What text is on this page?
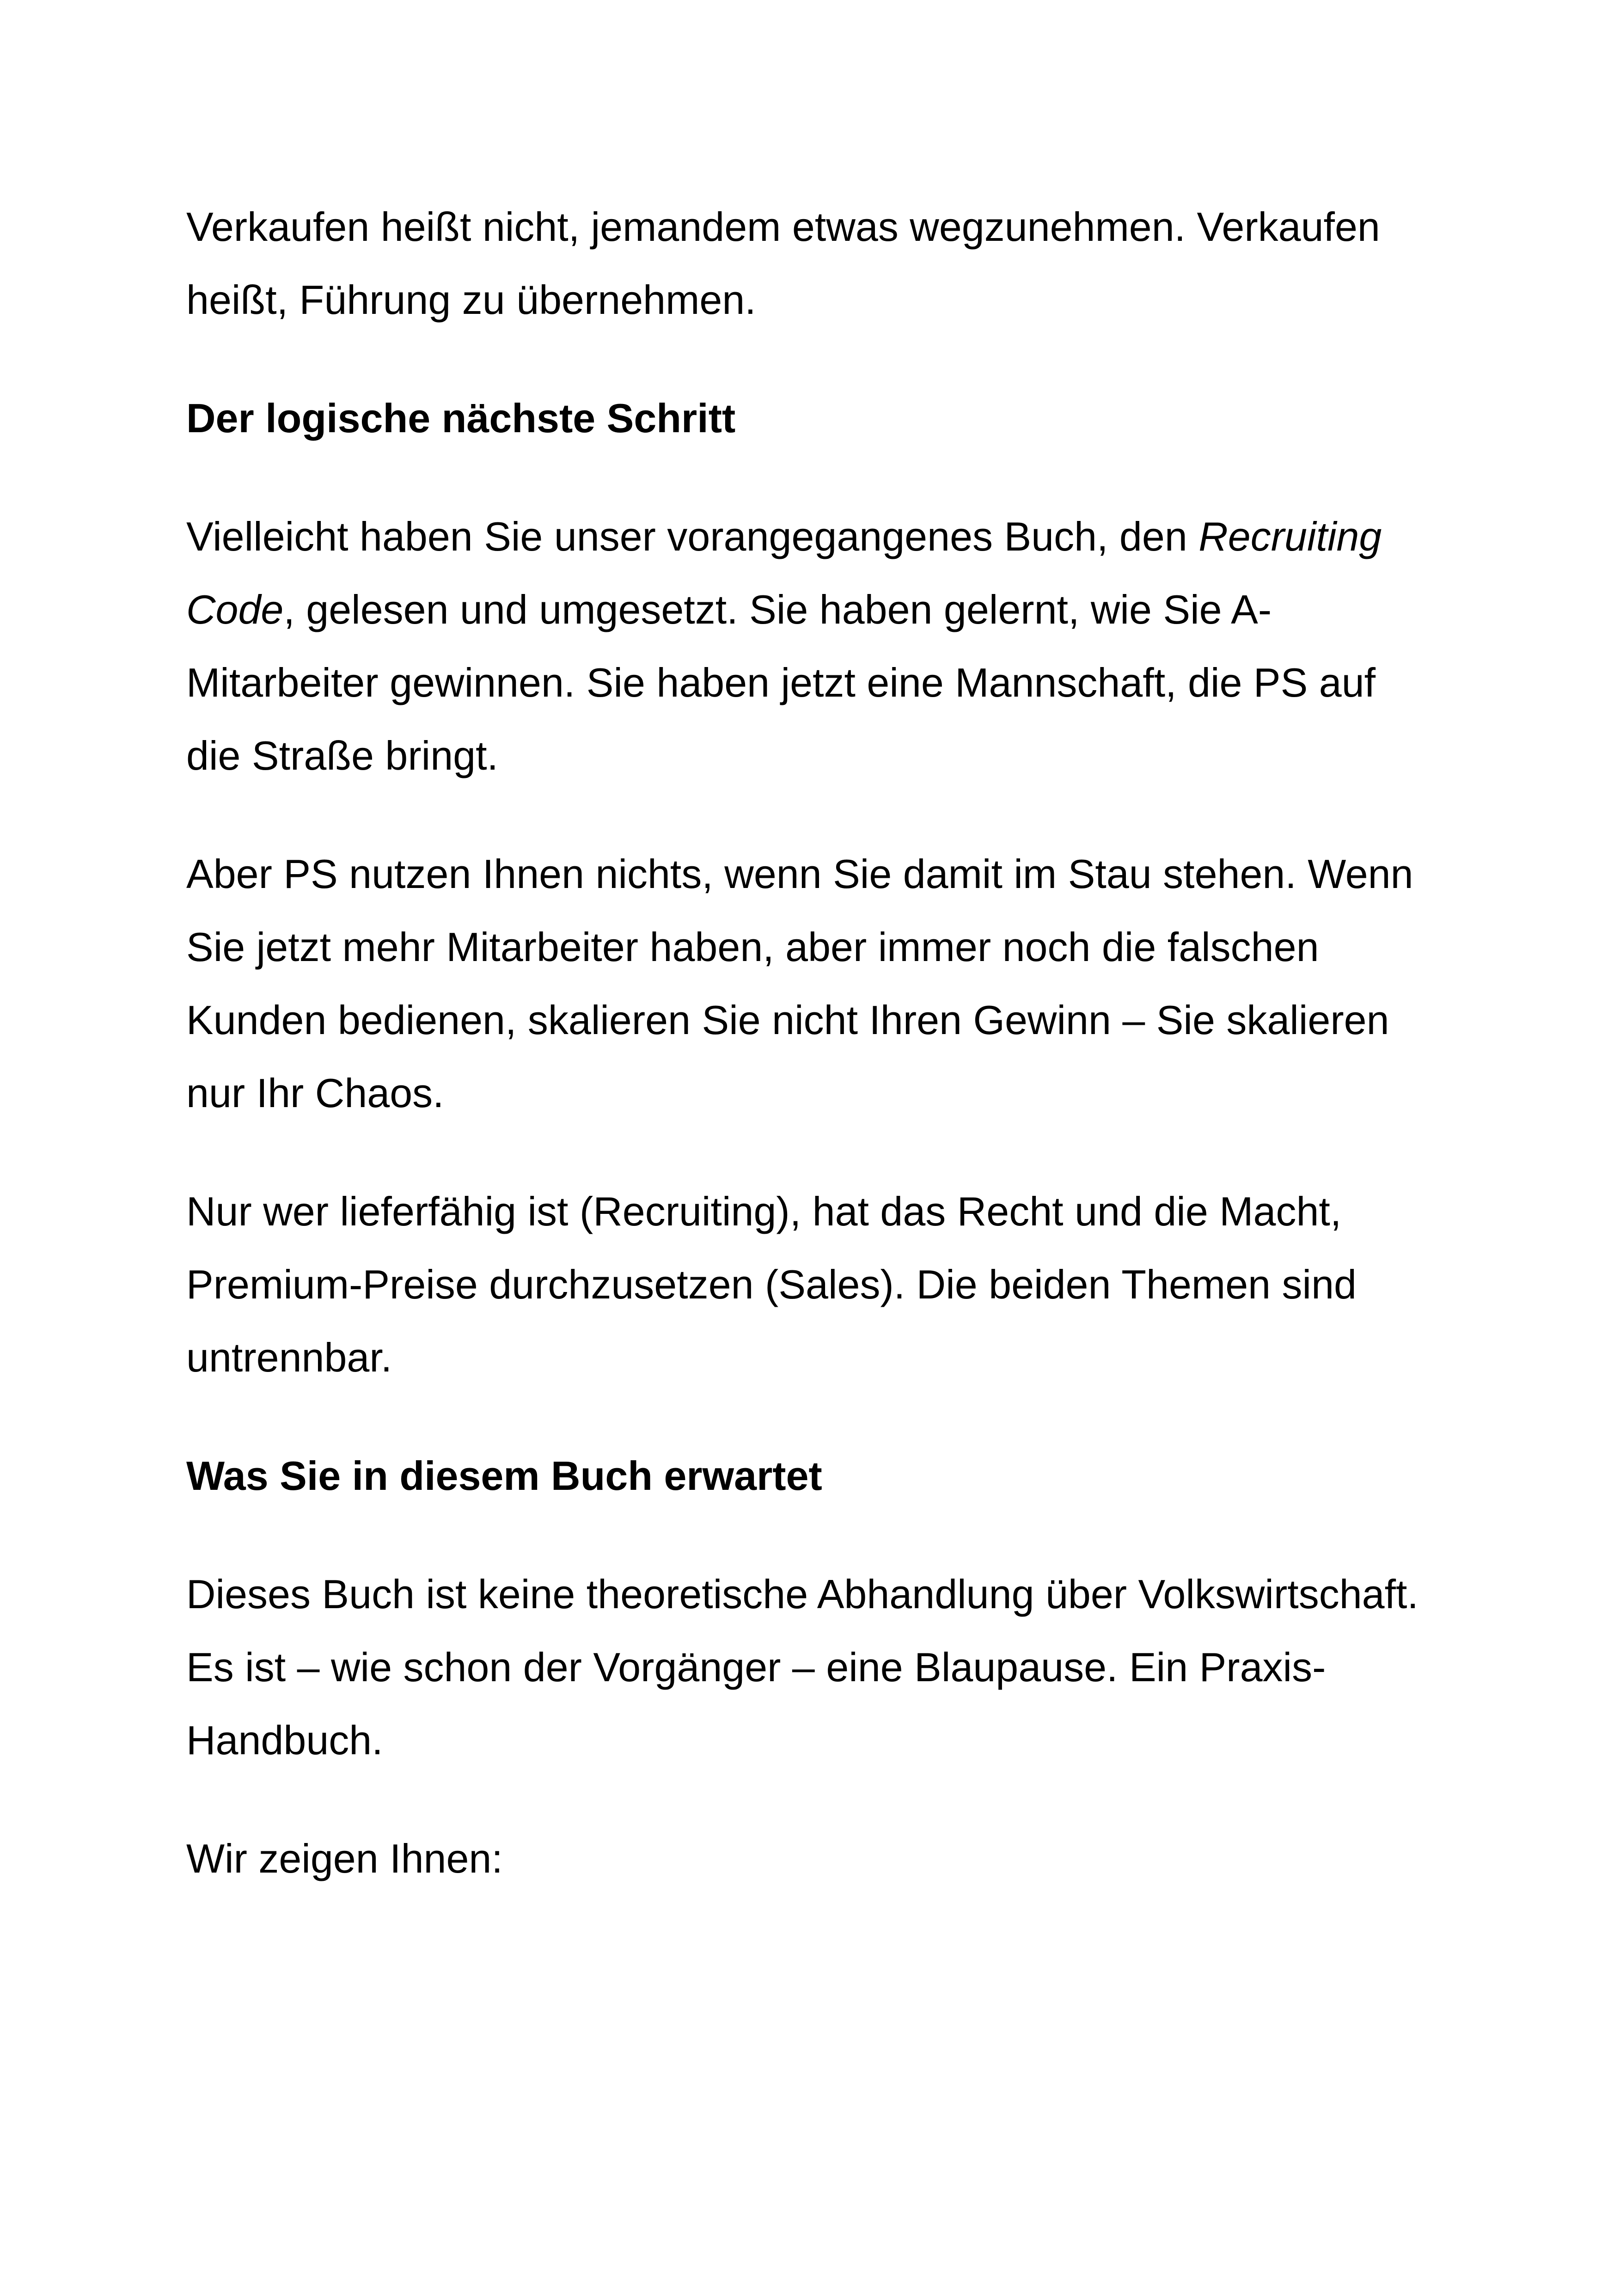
Verkaufen heißt nicht, jemandem etwas wegzunehmen. Verkaufen heißt, Führung zu übernehmen.

Der logische nächste Schritt

Vielleicht haben Sie unser vorangegangenes Buch, den Recruiting Code, gelesen und umgesetzt. Sie haben gelernt, wie Sie A-Mitarbeiter gewinnen. Sie haben jetzt eine Mannschaft, die PS auf die Straße bringt.

Aber PS nutzen Ihnen nichts, wenn Sie damit im Stau stehen. Wenn Sie jetzt mehr Mitarbeiter haben, aber immer noch die falschen Kunden bedienen, skalieren Sie nicht Ihren Gewinn – Sie skalieren nur Ihr Chaos.

Nur wer lieferfähig ist (Recruiting), hat das Recht und die Macht, Premium-Preise durchzusetzen (Sales). Die beiden Themen sind untrennbar.

Was Sie in diesem Buch erwartet

Dieses Buch ist keine theoretische Abhandlung über Volkswirtschaft. Es ist – wie schon der Vorgänger – eine Blaupause. Ein Praxis-Handbuch.

Wir zeigen Ihnen:
